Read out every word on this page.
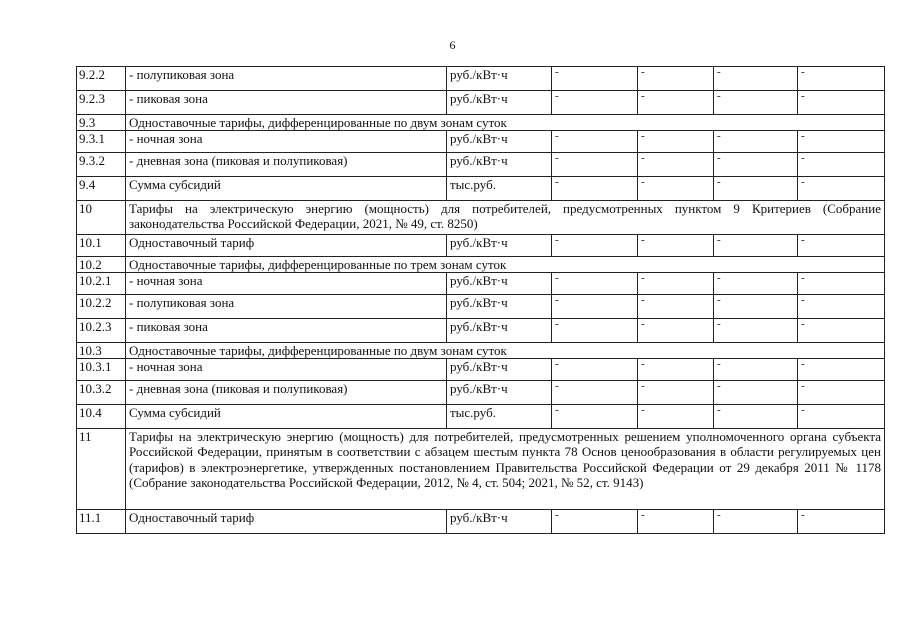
6
9.2.2	- полупиковая зона	руб./кВт·ч	-	-	-	-
9.2.3	- пиковая зона	руб./кВт·ч	-	-	-	-
9.3	Одноставочные тарифы, дифференцированные по двум зонам суток					
9.3.1	- ночная зона	руб./кВт·ч	-	-	-	-
9.3.2	- дневная зона (пиковая и полупиковая)	руб./кВт·ч	-	-	-	-
9.4	Сумма субсидий	тыс.руб.	-	-	-	-
10	Тарифы на электрическую энергию (мощность) для потребителей, предусмотренных пунктом 9 Критериев (Собрание законодательства Российской Федерации, 2021, № 49, ст. 8250)					
10.1	Одноставочный тариф	руб./кВт·ч	-	-	-	-
10.2	Одноставочные тарифы, дифференцированные по трем зонам суток					
10.2.1	- ночная зона	руб./кВт·ч	-	-	-	-
10.2.2	- полупиковая зона	руб./кВт·ч	-	-	-	-
10.2.3	- пиковая зона	руб./кВт·ч	-	-	-	-
10.3	Одноставочные тарифы, дифференцированные по двум зонам суток					
10.3.1	- ночная зона	руб./кВт·ч	-	-	-	-
10.3.2	- дневная зона (пиковая и полупиковая)	руб./кВт·ч	-	-	-	-
10.4	Сумма субсидий	тыс.руб.	-	-	-	-
11	Тарифы на электрическую энергию (мощность) для потребителей, предусмотренных решением уполномоченного органа субъекта Российской Федерации, принятым в соответствии с абзацем шестым пункта 78 Основ ценообразования в области регулируемых цен (тарифов) в электроэнергетике, утвержденных постановлением Правительства Российской Федерации от 29 декабря 2011 № 1178 (Собрание законодательства Российской Федерации, 2012, № 4, ст. 504; 2021, № 52, ст. 9143)					
11.1	Одноставочный тариф	руб./кВт·ч	-	-	-	-
